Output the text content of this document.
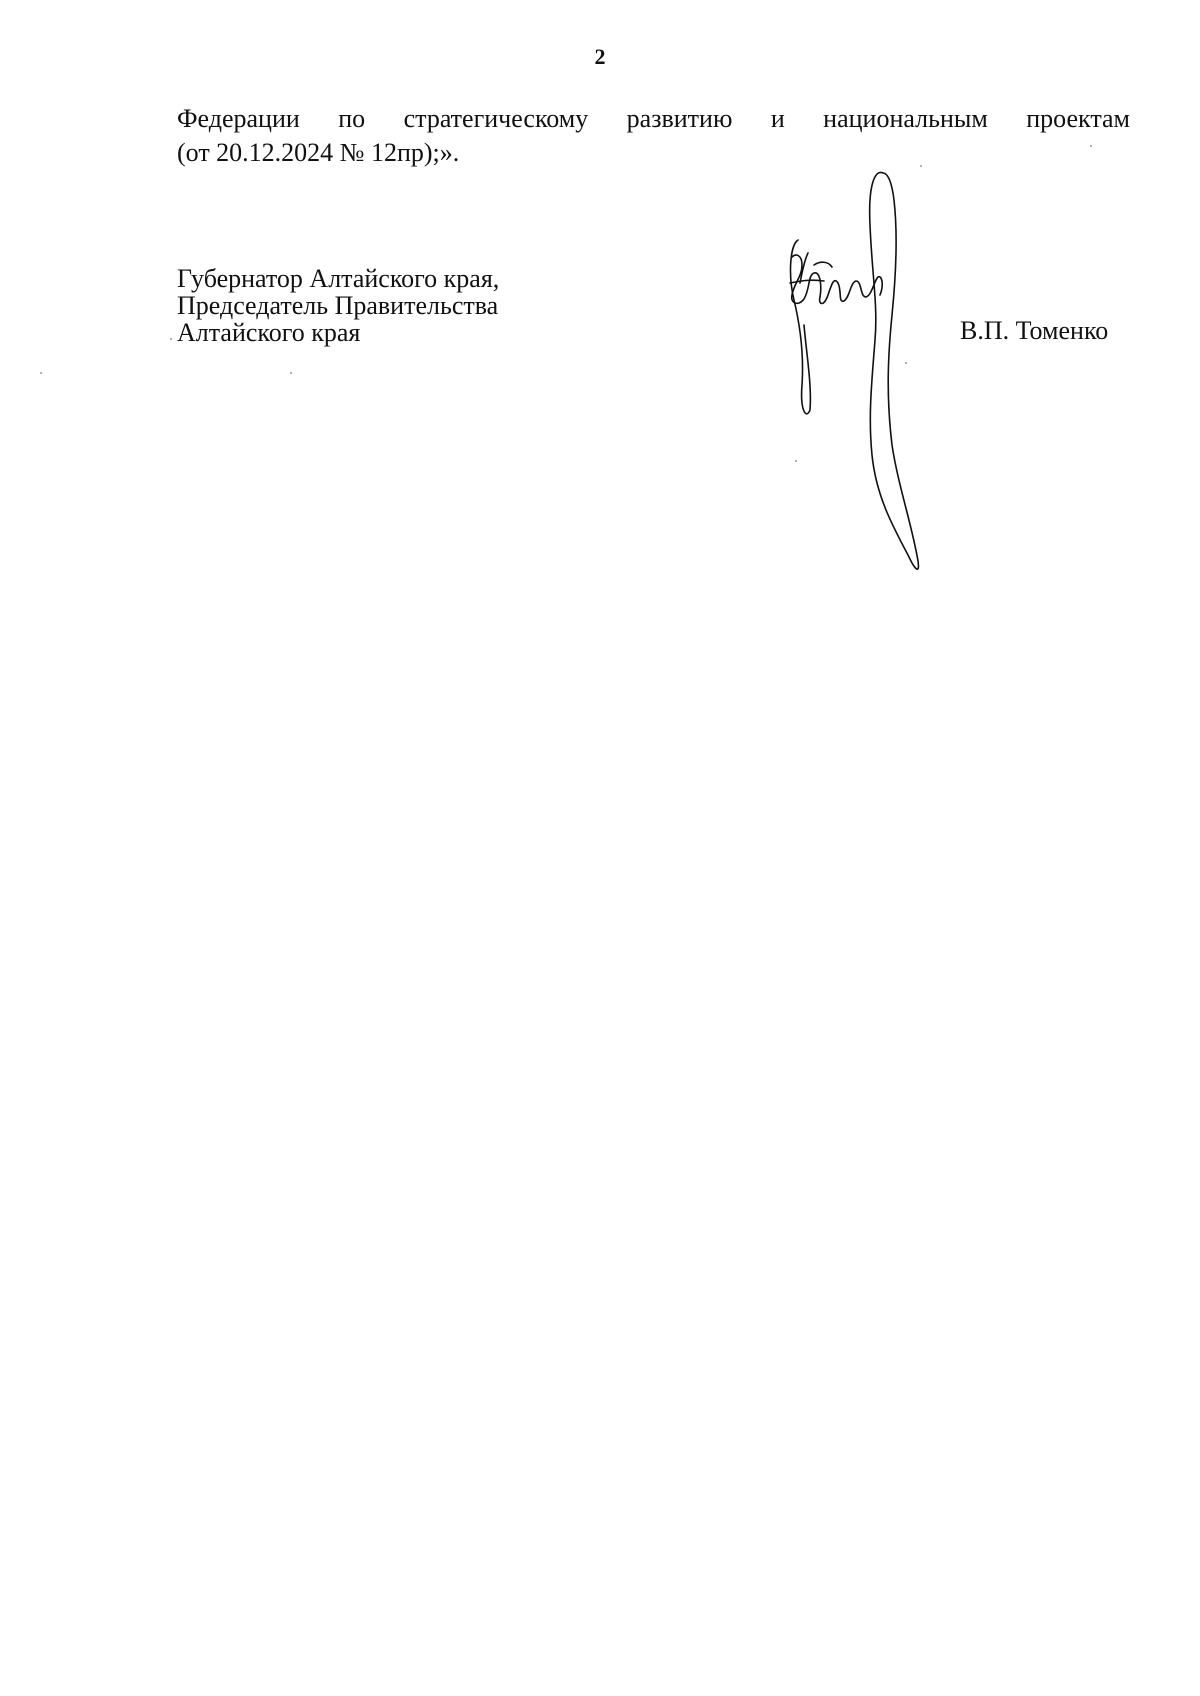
2

Федерации по стратегическому развитию и национальным проектам
(от 20.12.2024 № 12пр);».

Губернатор Алтайского края,
Председатель Правительства
Алтайского края	В.П. Томенко
